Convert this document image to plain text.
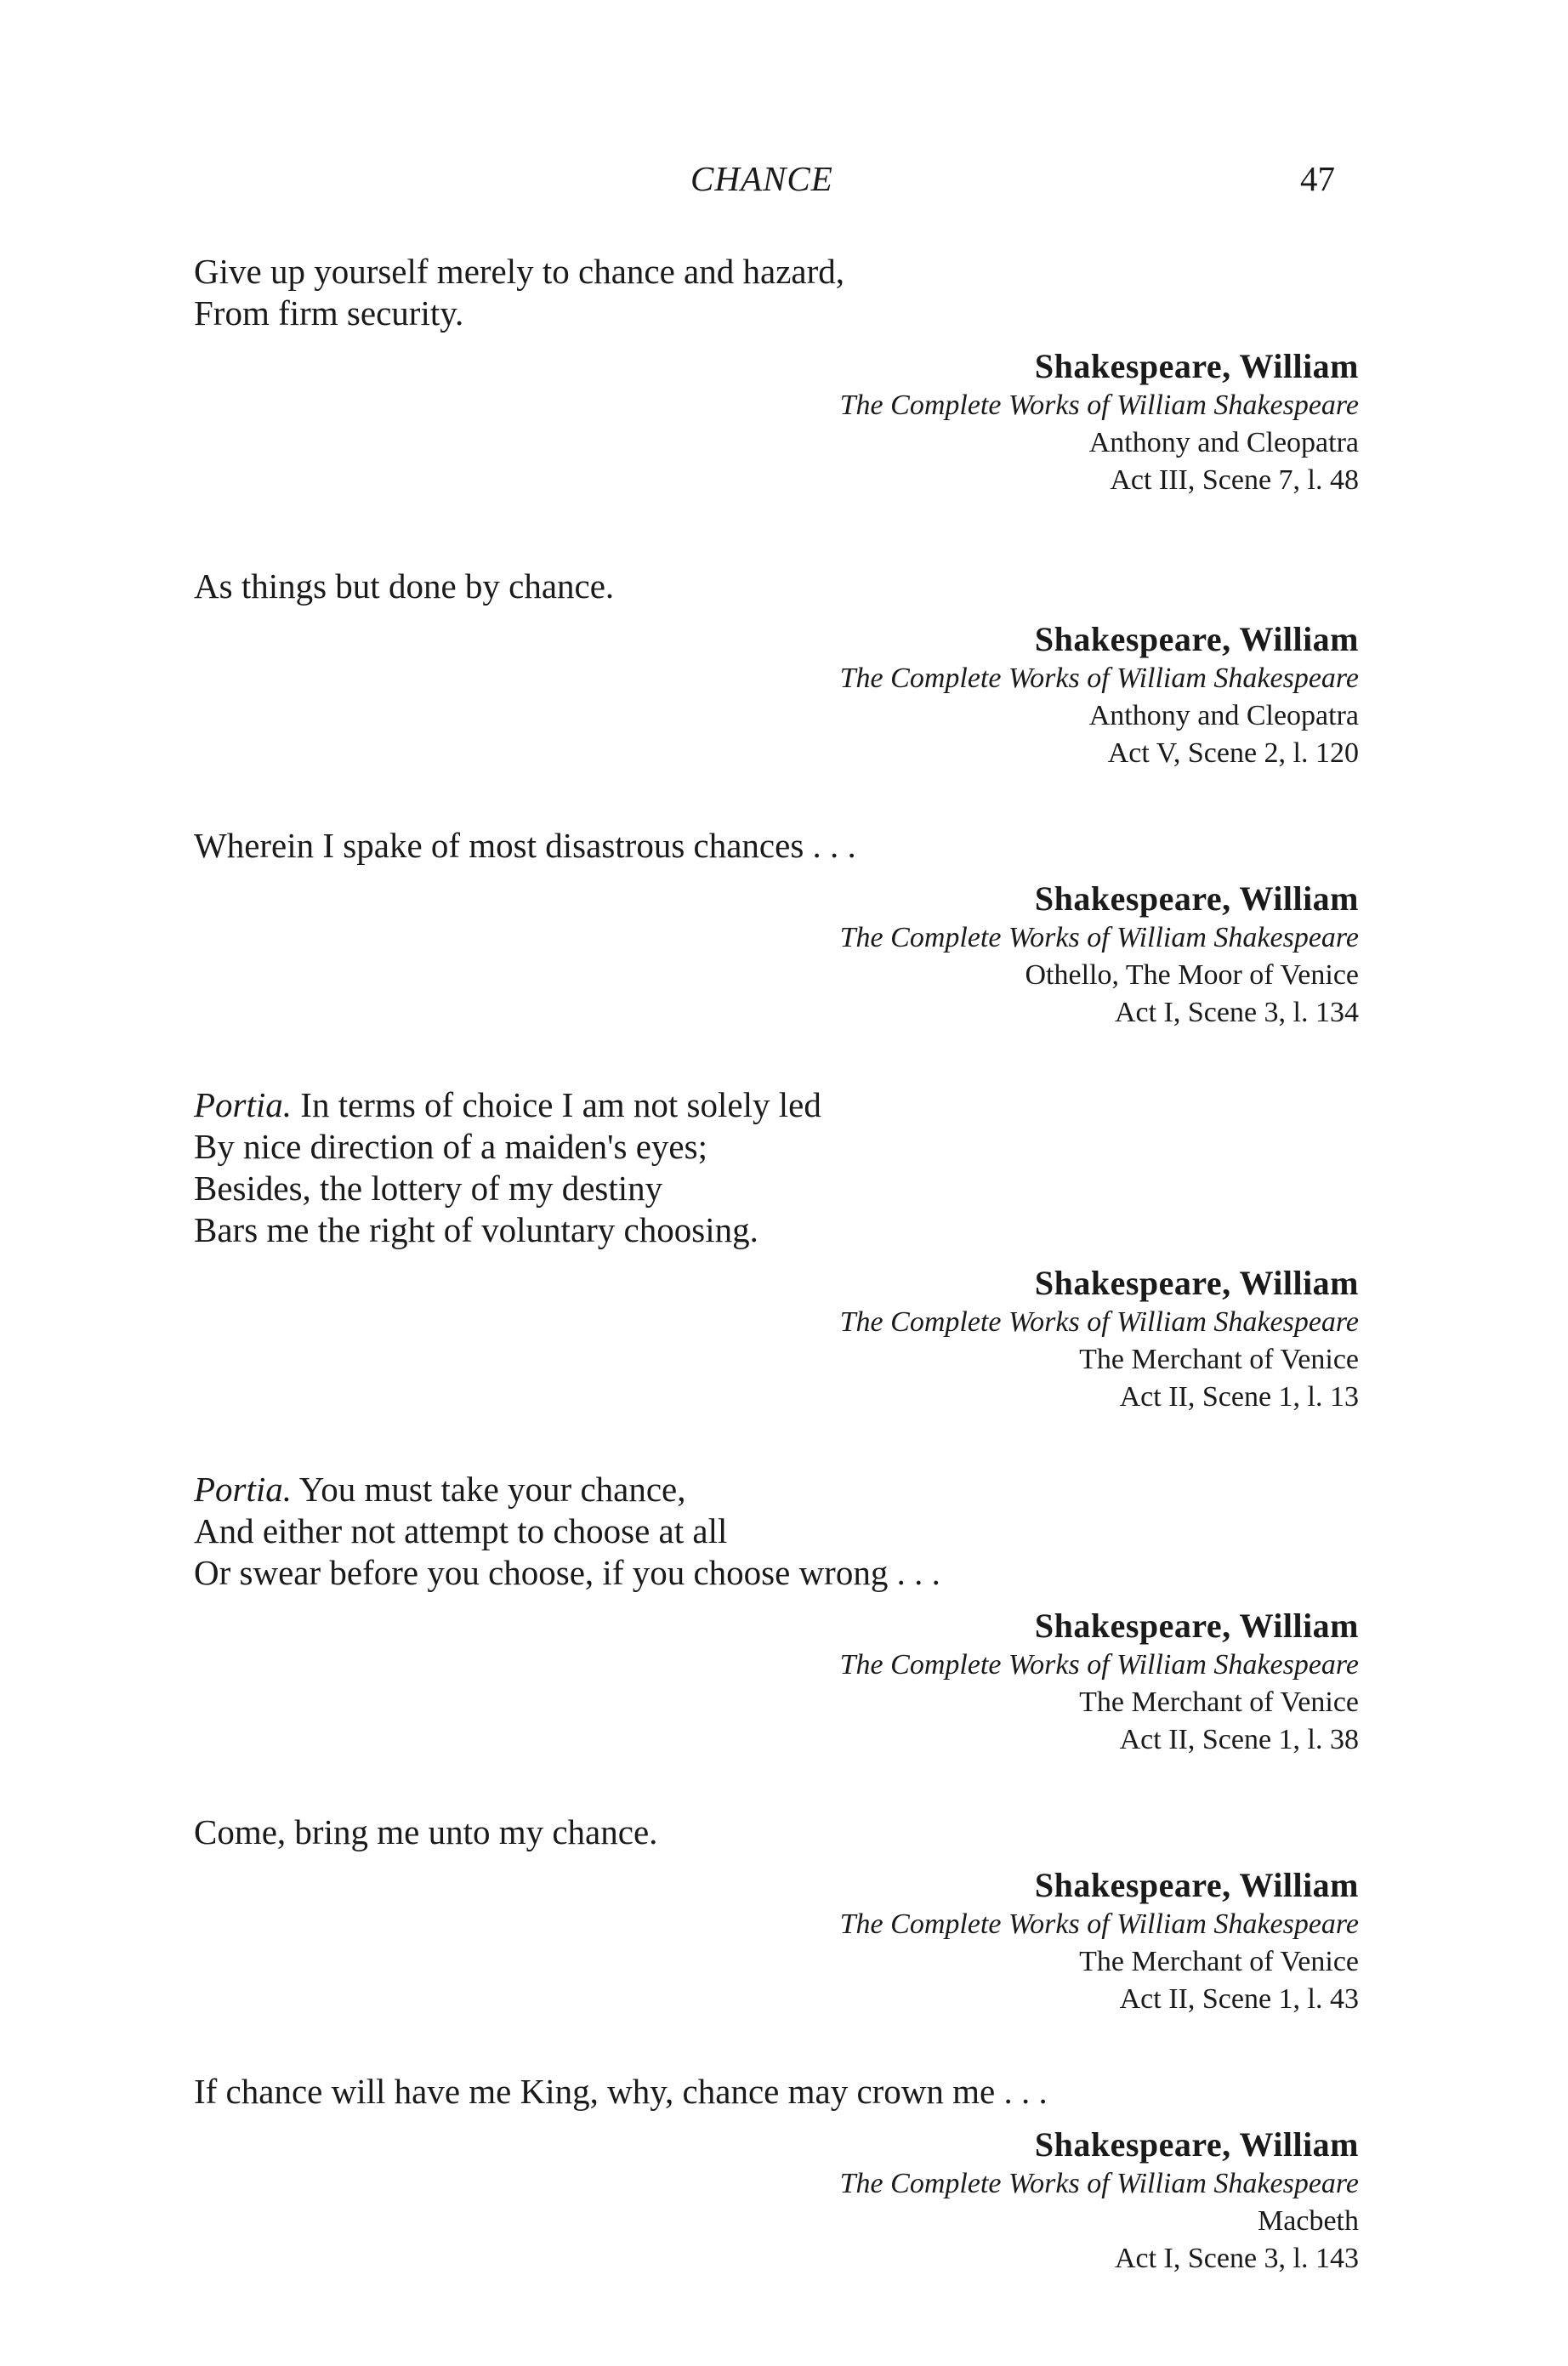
CHANCE	47
Give up yourself merely to chance and hazard,
From firm security.
Shakespeare, William
The Complete Works of William Shakespeare
Anthony and Cleopatra
Act III, Scene 7, l. 48
As things but done by chance.
Shakespeare, William
The Complete Works of William Shakespeare
Anthony and Cleopatra
Act V, Scene 2, l. 120
Wherein I spake of most disastrous chances . . .
Shakespeare, William
The Complete Works of William Shakespeare
Othello, The Moor of Venice
Act I, Scene 3, l. 134
Portia. In terms of choice I am not solely led
By nice direction of a maiden's eyes;
Besides, the lottery of my destiny
Bars me the right of voluntary choosing.
Shakespeare, William
The Complete Works of William Shakespeare
The Merchant of Venice
Act II, Scene 1, l. 13
Portia. You must take your chance,
And either not attempt to choose at all
Or swear before you choose, if you choose wrong . . .
Shakespeare, William
The Complete Works of William Shakespeare
The Merchant of Venice
Act II, Scene 1, l. 38
Come, bring me unto my chance.
Shakespeare, William
The Complete Works of William Shakespeare
The Merchant of Venice
Act II, Scene 1, l. 43
If chance will have me King, why, chance may crown me . . .
Shakespeare, William
The Complete Works of William Shakespeare
Macbeth
Act I, Scene 3, l. 143
